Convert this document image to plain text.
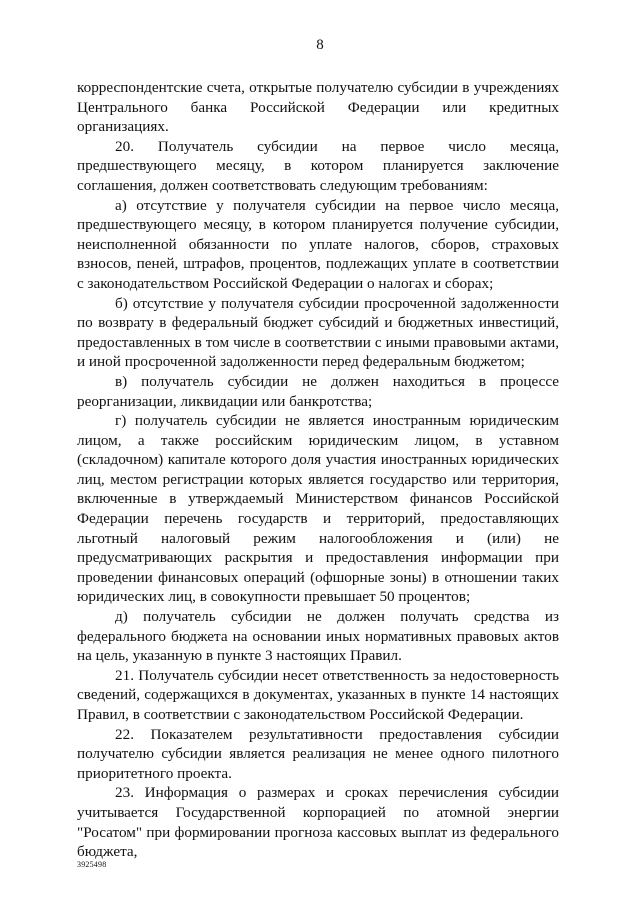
8

корреспондентские счета, открытые получателю субсидии в учреждениях Центрального банка Российской Федерации или кредитных организациях.

20. Получатель субсидии на первое число месяца, предшествующего месяцу, в котором планируется заключение соглашения, должен соответствовать следующим требованиям:

а) отсутствие у получателя субсидии на первое число месяца, предшествующего месяцу, в котором планируется получение субсидии, неисполненной обязанности по уплате налогов, сборов, страховых взносов, пеней, штрафов, процентов, подлежащих уплате в соответствии с законодательством Российской Федерации о налогах и сборах;

б) отсутствие у получателя субсидии просроченной задолженности по возврату в федеральный бюджет субсидий и бюджетных инвестиций, предоставленных в том числе в соответствии с иными правовыми актами, и иной просроченной задолженности перед федеральным бюджетом;

в) получатель субсидии не должен находиться в процессе реорганизации, ликвидации или банкротства;

г) получатель субсидии не является иностранным юридическим лицом, а также российским юридическим лицом, в уставном (складочном) капитале которого доля участия иностранных юридических лиц, местом регистрации которых является государство или территория, включенные в утверждаемый Министерством финансов Российской Федерации перечень государств и территорий, предоставляющих льготный налоговый режим налогообложения и (или) не предусматривающих раскрытия и предоставления информации при проведении финансовых операций (офшорные зоны) в отношении таких юридических лиц, в совокупности превышает 50 процентов;

д) получатель субсидии не должен получать средства из федерального бюджета на основании иных нормативных правовых актов на цель, указанную в пункте 3 настоящих Правил.

21. Получатель субсидии несет ответственность за недостоверность сведений, содержащихся в документах, указанных в пункте 14 настоящих Правил, в соответствии с законодательством Российской Федерации.

22. Показателем результативности предоставления субсидии получателю субсидии является реализация не менее одного пилотного приоритетного проекта.

23. Информация о размерах и сроках перечисления субсидии учитывается Государственной корпорацией по атомной энергии "Росатом" при формировании прогноза кассовых выплат из федерального бюджета,

3925498
